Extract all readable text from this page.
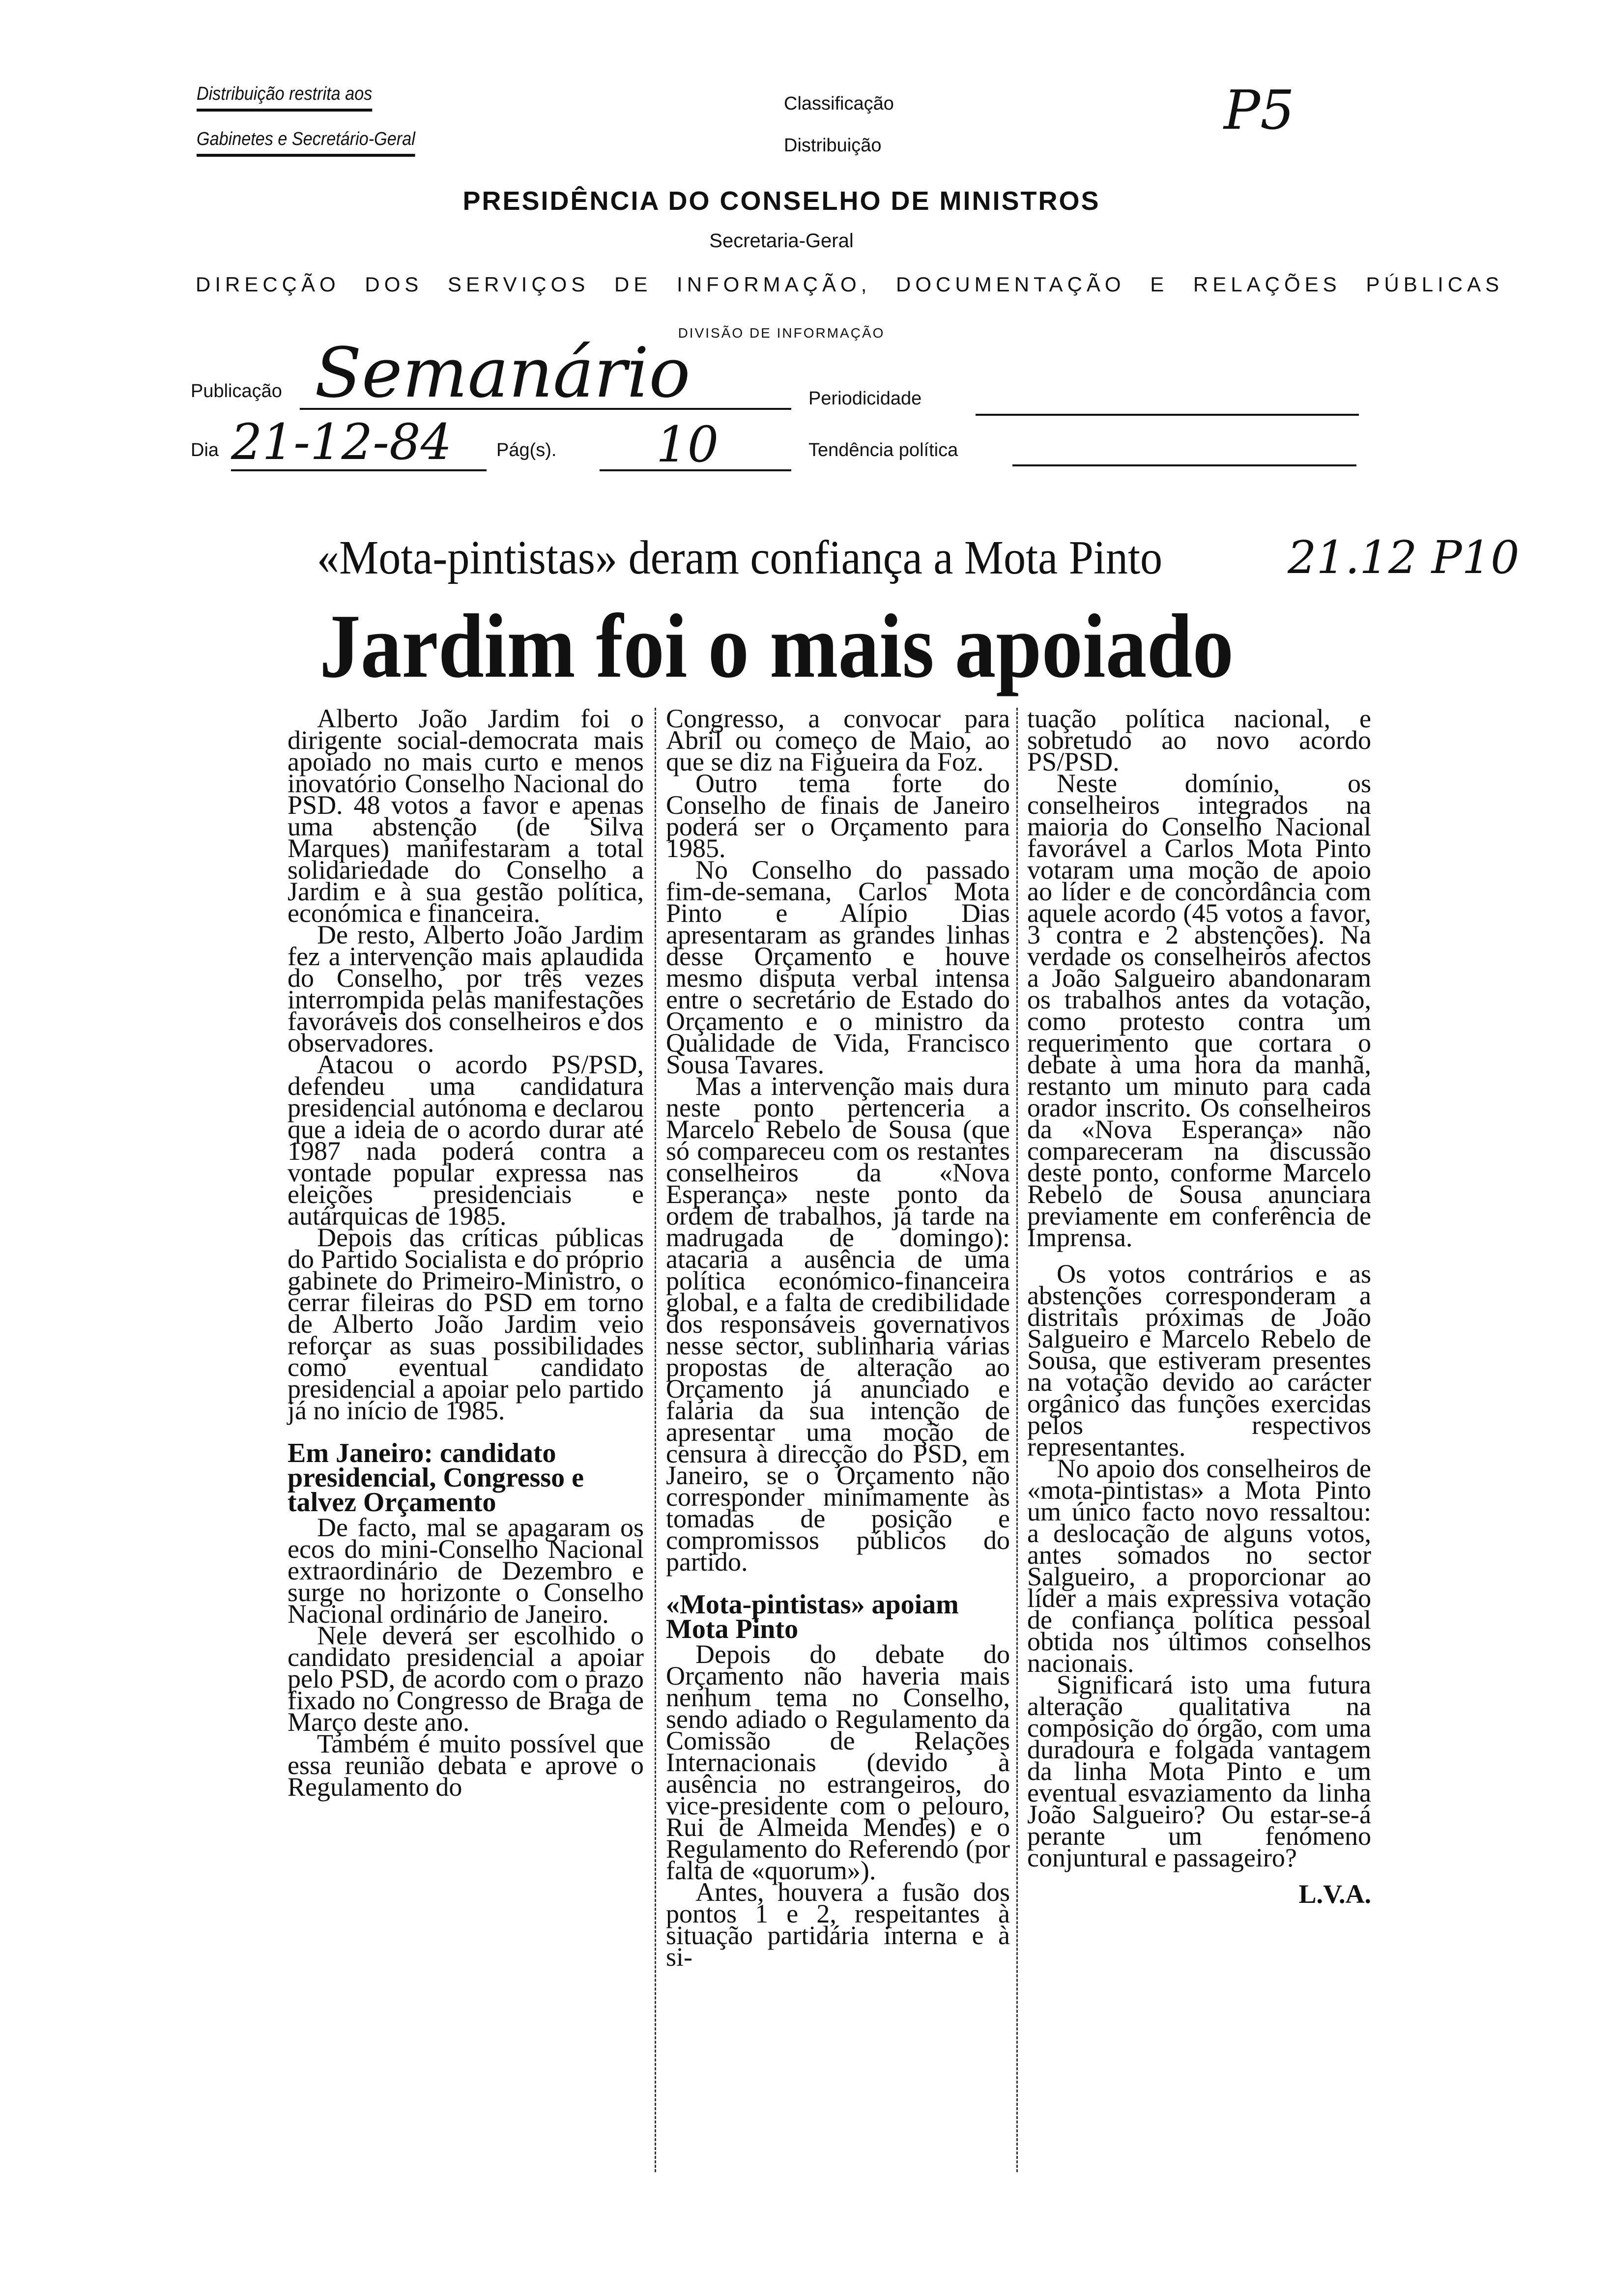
Distribuição restrita aos
Gabinetes e Secretário-Geral
Classificação
Distribuição
P5
PRESIDÊNCIA DO CONSELHO DE MINISTROS
Secretaria-Geral
DIRECÇÃO DOS SERVIÇOS DE INFORMAÇÃO, DOCUMENTAÇÃO E RELAÇÕES PÚBLICAS
DIVISÃO DE INFORMAÇÃO
Publicação Semanário	Periodicidade
Dia 21-12-84 Pág(s). 10	Tendência política
«Mota-pintistas» deram confiança a Mota Pinto
Jardim foi o mais apoiado
21.12 P10

Alberto João Jardim foi o dirigente social-democrata mais apoiado no mais curto e menos inovatório Conselho Nacional do PSD. 48 votos a favor e apenas uma abstenção (de Silva Marques) manifestaram a total solidariedade do Conselho a Jardim e à sua gestão política, económica e financeira.

De resto, Alberto João Jardim fez a intervenção mais aplaudida do Conselho, por três vezes interrompida pelas manifestações favoráveis dos conselheiros e dos observadores.

Atacou o acordo PS/PSD, defendeu uma candidatura presidencial autónoma e declarou que a ideia de o acordo durar até 1987 nada poderá contra a vontade popular expressa nas eleições presidenciais e autárquicas de 1985.

Depois das críticas públicas do Partido Socialista e do próprio gabinete do Primeiro-Ministro, o cerrar fileiras do PSD em torno de Alberto João Jardim veio reforçar as suas possibilidades como eventual candidato presidencial a apoiar pelo partido já no início de 1985.

Em Janeiro: candidato presidencial, Congresso e talvez Orçamento

De facto, mal se apagaram os ecos do mini-Conselho Nacional extraordinário de Dezembro e surge no horizonte o Conselho Nacional ordinário de Janeiro.

Nele deverá ser escolhido o candidato presidencial a apoiar pelo PSD, de acordo com o prazo fixado no Congresso de Braga de Março deste ano.

Também é muito possível que essa reunião debata e aprove o Regulamento do

Congresso, a convocar para Abril ou começo de Maio, ao que se diz na Figueira da Foz.

Outro tema forte do Conselho de finais de Janeiro poderá ser o Orçamento para 1985.

No Conselho do passado fim-de-semana, Carlos Mota Pinto e Alípio Dias apresentaram as grandes linhas desse Orçamento e houve mesmo disputa verbal intensa entre o secretário de Estado do Orçamento e o ministro da Qualidade de Vida, Francisco Sousa Tavares.

Mas a intervenção mais dura neste ponto pertenceria a Marcelo Rebelo de Sousa (que só compareceu com os restantes conselheiros da «Nova Esperança» neste ponto da ordem de trabalhos, já tarde na madrugada de domingo): atacaria a ausência de uma política económico-financeira global, e a falta de credibilidade dos responsáveis governativos nesse sector, sublinharia várias propostas de alteração ao Orçamento já anunciado e falaria da sua intenção de apresentar uma moção de censura à direcção do PSD, em Janeiro, se o Orçamento não corresponder minimamente às tomadas de posição e compromissos públicos do partido.

«Mota-pintistas» apoiam Mota Pinto

Depois do debate do Orçamento não haveria mais nenhum tema no Conselho, sendo adiado o Regulamento da Comissão de Relações Internacionais (devido à ausência no estrangeiros, do vice-presidente com o pelouro, Rui de Almeida Mendes) e o Regulamento do Referendo (por falta de «quorum»).

Antes, houvera a fusão dos pontos 1 e 2, respeitantes à situação partidária interna e à si-

tuação política nacional, e sobretudo ao novo acordo PS/PSD.

Neste domínio, os conselheiros integrados na maioria do Conselho Nacional favorável a Carlos Mota Pinto votaram uma moção de apoio ao líder e de concordância com aquele acordo (45 votos a favor, 3 contra e 2 abstenções). Na verdade os conselheiros afectos a João Salgueiro abandonaram os trabalhos antes da votação, como protesto contra um requerimento que cortara o debate à uma hora da manhã, restanto um minuto para cada orador inscrito. Os conselheiros da «Nova Esperança» não compareceram na discussão deste ponto, conforme Marcelo Rebelo de Sousa anunciara previamente em conferência de Imprensa.

Os votos contrários e as abstenções corresponderam a distritais próximas de João Salgueiro e Marcelo Rebelo de Sousa, que estiveram presentes na votação devido ao carácter orgânico das funções exercidas pelos respectivos representantes.

No apoio dos conselheiros de «mota-pintistas» a Mota Pinto um único facto novo ressaltou: a deslocação de alguns votos, antes somados no sector Salgueiro, a proporcionar ao líder a mais expressiva votação de confiança política pessoal obtida nos últimos conselhos nacionais.

Significará isto uma futura alteração qualitativa na composição do órgão, com uma duradoura e folgada vantagem da linha Mota Pinto e um eventual esvaziamento da linha João Salgueiro? Ou estar-se-á perante um fenómeno conjuntural e passageiro?

L.V.A.
